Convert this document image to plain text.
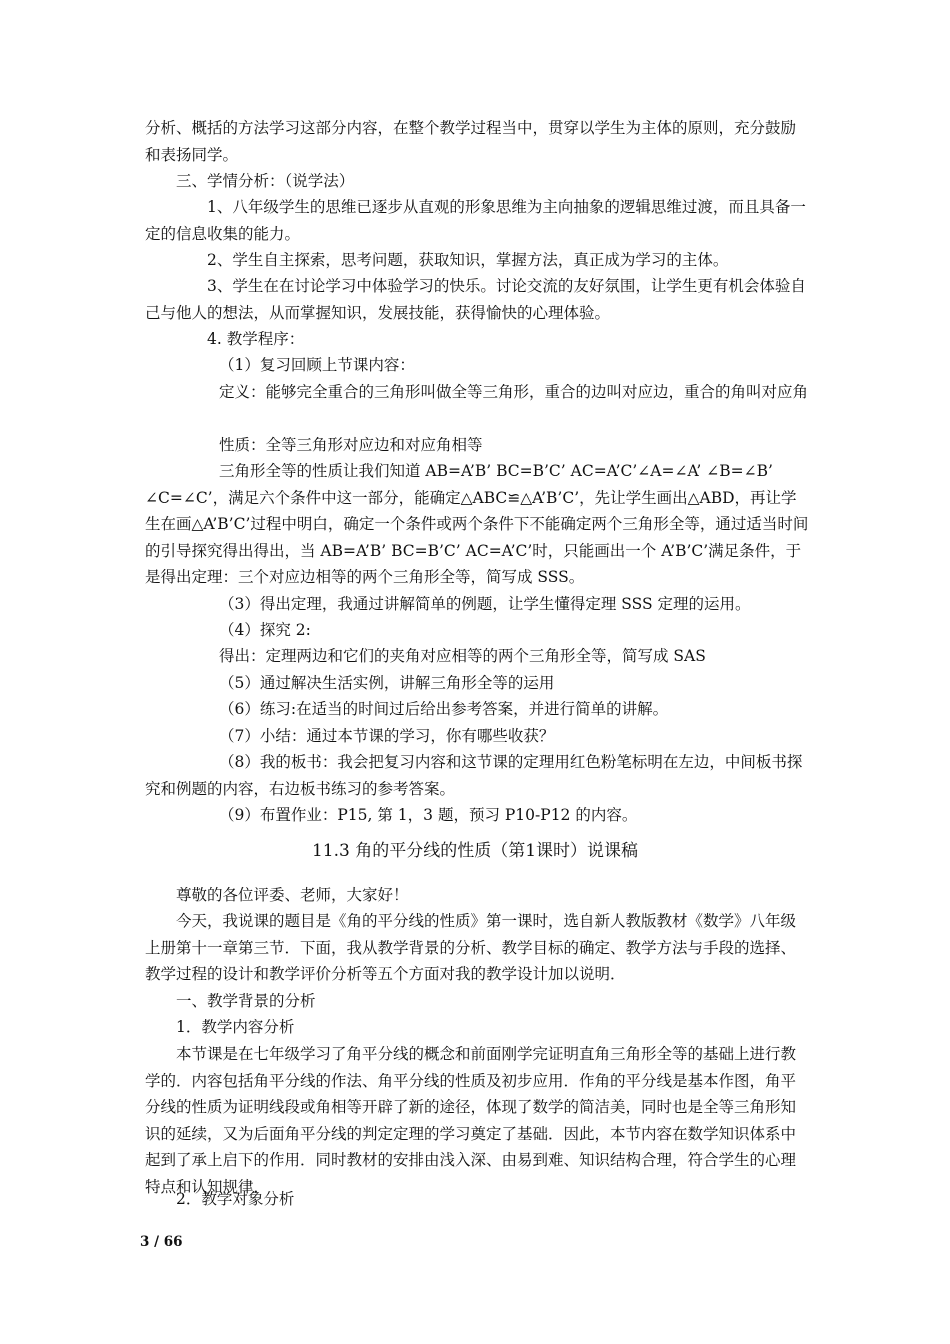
分析、概括的方法学习这部分内容，在整个教学过程当中，贯穿以学生为主体的原则，充分鼓励和表扬同学。

三、学情分析：（说学法）

1、八年级学生的思维已逐步从直观的形象思维为主向抽象的逻辑思维过渡，而且具备一定的信息收集的能力。

2、学生自主探索，思考问题，获取知识，掌握方法，真正成为学习的主体。

3、学生在在讨论学习中体验学习的快乐。讨论交流的友好氛围，让学生更有机会体验自己与他人的想法，从而掌握知识，发展技能，获得愉快的心理体验。

4. 教学程序：

（1）复习回顾上节课内容：

定义：能够完全重合的三角形叫做全等三角形，重合的边叫对应边，重合的角叫对应角

性质：全等三角形对应边和对应角相等

三角形全等的性质让我们知道 AB=A’B’ BC=B’C’ AC=A’C’∠A=∠A’ ∠B=∠B’ ∠C=∠C’，满足六个条件中这一部分，能确定△ABC≌△A’B’C’，先让学生画出△ABD，再让学生在画△A’B’C’过程中明白，确定一个条件或两个条件下不能确定两个三角形全等，通过适当时间的引导探究得出得出，当 AB=A’B’ BC=B’C’ AC=A’C’时，只能画出一个 A’B’C’满足条件，于是得出定理：三个对应边相等的两个三角形全等，简写成 SSS。

（3）得出定理，我通过讲解简单的例题，让学生懂得定理 SSS 定理的运用。

（4）探究 2:

得出：定理两边和它们的夹角对应相等的两个三角形全等，简写成 SAS

（5）通过解决生活实例，讲解三角形全等的运用

（6）练习:在适当的时间过后给出参考答案，并进行简单的讲解。

（7）小结：通过本节课的学习，你有哪些收获？

（8）我的板书：我会把复习内容和这节课的定理用红色粉笔标明在左边，中间板书探究和例题的内容，右边板书练习的参考答案。

（9）布置作业：P15, 第 1，3 题，预习 P10-P12 的内容。

11.3 角的平分线的性质（第1课时）说课稿

尊敬的各位评委、老师，大家好！

今天，我说课的题目是《角的平分线的性质》第一课时，选自新人教版教材《数学》八年级上册第十一章第三节．下面，我从教学背景的分析、教学目标的确定、教学方法与手段的选择、教学过程的设计和教学评价分析等五个方面对我的教学设计加以说明．

一、教学背景的分析

1．教学内容分析

本节课是在七年级学习了角平分线的概念和前面刚学完证明直角三角形全等的基础上进行教学的．内容包括角平分线的作法、角平分线的性质及初步应用．作角的平分线是基本作图，角平分线的性质为证明线段或角相等开辟了新的途径，体现了数学的简洁美，同时也是全等三角形知识的延续，又为后面角平分线的判定定理的学习奠定了基础．因此，本节内容在数学知识体系中起到了承上启下的作用．同时教材的安排由浅入深、由易到难、知识结构合理，符合学生的心理特点和认知规律．

2．教学对象分析

3 / 66
